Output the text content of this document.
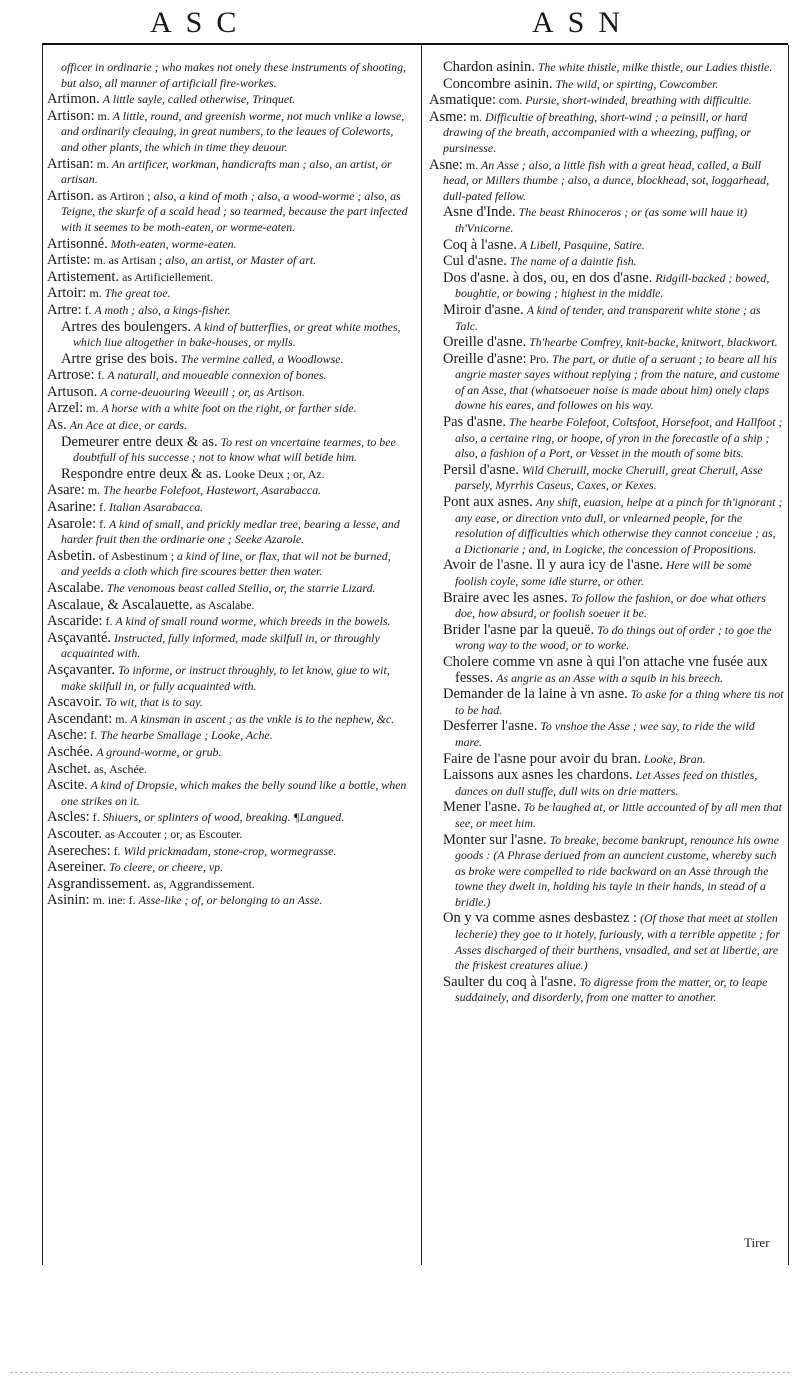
ASC	ASN
officer in ordinarie ; who makes not onely these instruments of shooting, but also, all manner of artificiall fire-workes.
Artimon. A little sayle, called otherwise, Trinquet.
Artison: m. A little, round, and greenish worme, not much vnlike a lowse, and ordinarily cleauing, in great numbers, to the leaues of Coleworts, and other plants, the which in time they deuour.
Artisan: m. An artificer, workman, handicrafts man ; also, an artist, or artisan.
Artison. as Artiron ; also, a kind of moth ; also, a wood-worme ; also, as Teigne, the skurfe of a scald head ; so tearmed, because the part infected with it seemes to be moth-eaten, or worme-eaten.
Artisonné. Moth-eaten, worme-eaten.
Artiste: m. as Artisan ; also, an artist, or Master of art.
Artistement. as Artificiellement.
Artoir: m. The great toe.
Artre: f. A moth ; also, a kings-fisher.
Artres des boulengers. A kind of butterflies, or great white mothes, which liue altogether in bake-houses, or mylls.
Artre grise des bois. The vermine called, a Woodlowse.
Artrose: f. A naturall, and moueable connexion of bones.
Artuson. A corne-deuouring Weeuill ; or, as Artison.
Arzel: m. A horse with a white foot on the right, or farther side.
As. An Ace at dice, or cards.
Demeurer entre deux & as. To rest on vncertaine tearmes, to bee doubtfull of his successe ; not to know what will betide him.
Respondre entre deux & as. Looke Deux ; or, Az.
Asare: m. The hearbe Folefoot, Hastewort, Asarabacca.
Asarine: f. Italian Asarabacca.
Asarole: f. A kind of small, and prickly medlar tree, bearing a lesse, and harder fruit then the ordinarie one ; Seeke Azarole.
Asbetin. of Asbestinum ; a kind of line, or flax, that wil not be burned, and yeelds a cloth which fire scoures better then water.
Ascalabe. The venomous beast called Stellio, or, the starrie Lizard.
Ascalaue, & Ascalauette. as Ascalabe.
Ascaride: f. A kind of small round worme, which breeds in the bowels.
Asçavanté. Instructed, fully informed, made skilfull in, or throughly acquainted with.
Asçavanter. To informe, or instruct throughly, to let know, giue to wit, make skilfull in, or fully acquainted with.
Ascavoir. To wit, that is to say.
Ascendant: m. A kinsman in ascent ; as the vnkle is to the nephew, &c.
Asche: f. The hearbe Smallage ; Looke, Ache.
Aschée. A ground-worme, or grub.
Aschet. as, Aschée.
Ascite. A kind of Dropsie, which makes the belly sound like a bottle, when one strikes on it.
Ascles: f. Shiuers, or splinters of wood, breaking. ¶Langued.
Ascouter. as Accouter ; or, as Escouter.
Asereches: f. Wild prickmadam, stone-crop, wormegrasse.
Asereiner. To cleere, or cheere, vp.
Asgrandissement. as, Aggrandissement.
Asinin: m. ine: f. Asse-like ; of, or belonging to an Asse.
Chardon asinin. The white thistle, milke thistle, our Ladies thistle.
Concombre asinin. The wild, or spirting, Cowcomber.
Asmatique: com. Pursie, short-winded, breathing with difficultie.
Asme: m. Difficultie of breathing, short-wind ; a peinsill, or hard drawing of the breath, accompanied with a wheezing, puffing, or pursinesse.
Asne: m. An Asse ; also, a little fish with a great head, called, a Bull head, or Millers thumbe ; also, a dunce, blockhead, sot, loggarhead, dull-pated fellow.
Asne d'Inde. The beast Rhinoceros ; or (as some will haue it) th'Vnicorne.
Coq à l'asne. A Libell, Pasquine, Satire.
Cul d'asne. The name of a daintie fish.
Dos d'asne. à dos, ou, en dos d'asne. Ridgill-backed ; bowed, boughtie, or bowing ; highest in the middle.
Miroir d'asne. A kind of tender, and transparent white stone ; as Talc.
Oreille d'asne. Th'hearbe Comfrey, knit-backe, knitwort, blackwort.
Oreille d'asne: Pro. The part, or dutie of a seruant ; to beare all his angrie master sayes without replying ; from the nature, and custome of an Asse, that (whatsoeuer noise is made about him) onely claps downe his eares, and followes on his way.
Pas d'asne. The hearbe Folefoot, Coltsfoot, Horsefoot, and Hallfoot ; also, a certaine ring, or hoope, of yron in the forecastle of a ship ; also, a fashion of a Port, or Vesset in the mouth of some bits.
Persil d'asne. Wild Cheruill, mocke Cheruill, great Cheruil, Asse parsely, Myrrhis Caseus, Caxes, or Kexes.
Pont aux asnes. Any shift, euasion, helpe at a pinch for th'ignorant ; any ease, or direction vnto dull, or vnlearned people, for the resolution of difficulties which otherwise they cannot conceiue ; as, a Dictionarie ; and, in Logicke, the concession of Propositions.
Avoir de l'asne. Il y aura icy de l'asne. Here will be some foolish coyle, some idle sturre, or other.
Braire avec les asnes. To follow the fashion, or doe what others doe, how absurd, or foolish soeuer it be.
Brider l'asne par la queuë. To do things out of order ; to goe the wrong way to the wood, or to worke.
Cholere comme vn asne à qui l'on attache vne fusée aux fesses. As angrie as an Asse with a squib in his breech.
Demander de la laine à vn asne. To aske for a thing where tis not to be had.
Desferrer l'asne. To vnshoe the Asse ; wee say, to ride the wild mare.
Faire de l'asne pour avoir du bran. Looke, Bran.
Laissons aux asnes les chardons. Let Asses feed on thistles, dances on dull stuffe, dull wits on drie matters.
Mener l'asne. To be laughed at, or little accounted of by all men that see, or meet him.
Monter sur l'asne. To breake, become bankrupt, renounce his owne goods : (A Phrase deriued from an auncient custome, whereby such as broke were compelled to ride backward on an Asse through the towne they dwelt in, holding his tayle in their hands, in stead of a bridle.)
On y va comme asnes desbastez : (Of those that meet at stollen lecherie) they goe to it hotely, furiously, with a terrible appetite ; for Asses discharged of their burthens, vnsadled, and set at libertie, are the friskest creatures aliue.)
Saulter du coq à l'asne. To digresse from the matter, or, to leape suddainely, and disorderly, from one matter to another.
Tirer
